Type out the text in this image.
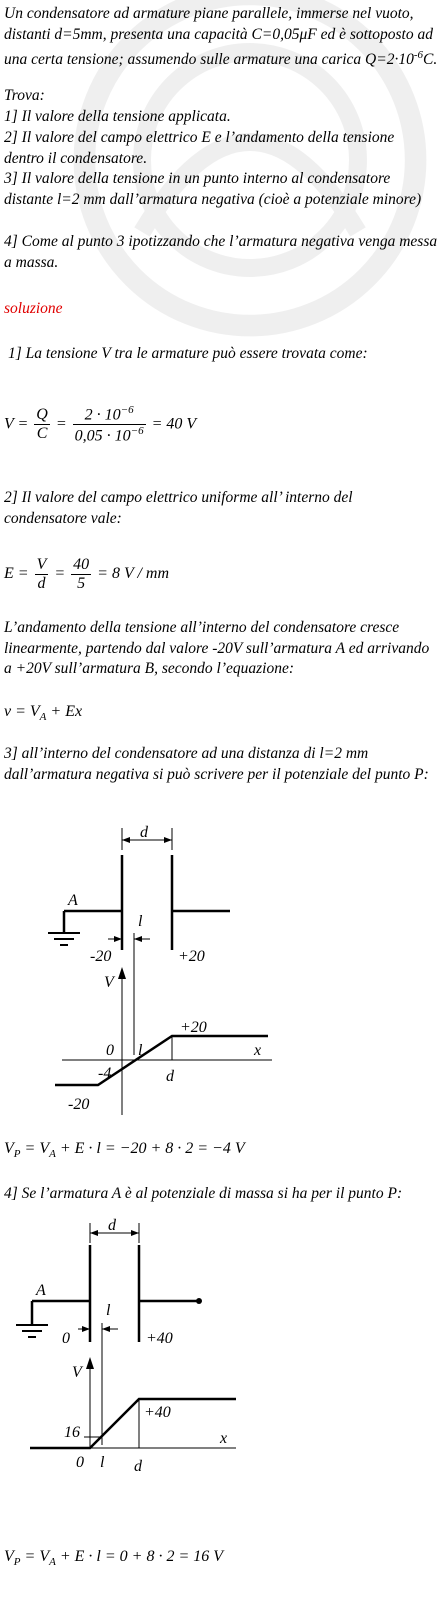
Un condensatore ad armature piane parallele, immerse nel vuoto, distanti d=5mm, presenta una capacità C=0,05μF ed è sottoposto ad una certa tensione; assumendo sulle armature una carica $Q=2\cdot 10^{-6}C$.

Trova:

1] Il valore della tensione applicata.

2] Il valore del campo elettrico E e l’andamento della tensione dentro il condensatore.

3] Il valore della tensione in un punto interno al condensatore distante l=2 mm dall’armatura negativa (cioè a potenziale minore)

4] Come al punto 3 ipotizzando che l’armatura negativa venga messa a massa.

soluzione

1] La tensione V tra le armature può essere trovata come:

$V = \frac{Q}{C} = \frac{2 \cdot 10^{-6}}{0,05 \cdot 10^{-6}} = 40$ V

2] Il valore del campo elettrico uniforme all’ interno del condensatore vale:

$E = \frac{V}{d} = \frac{40}{5} = 8$ V / mm

L’andamento della tensione all’interno del condensatore cresce linearmente, partendo dal valore -20V sull’armatura A ed arrivando a +20V sull’armatura B, secondo l’equazione:

$v = V_A + Ex$

3] all’interno del condensatore ad una distanza di l=2 mm dall’armatura negativa si può scrivere per il potenziale del punto P:

d
A
l
-20	+20
V
+20
0 l	x
-4	d
-20
$V_P = V_A + E \cdot l = -20 + 8 \cdot 2 = -4$ V

4] Se l’armatura A è al potenziale di massa si ha per il punto P:

d
A
l
0	+40
V
+40
16	x
0 l d
$V_P = V_A + E \cdot l = 0 + 8 \cdot 2 = 16$ V
